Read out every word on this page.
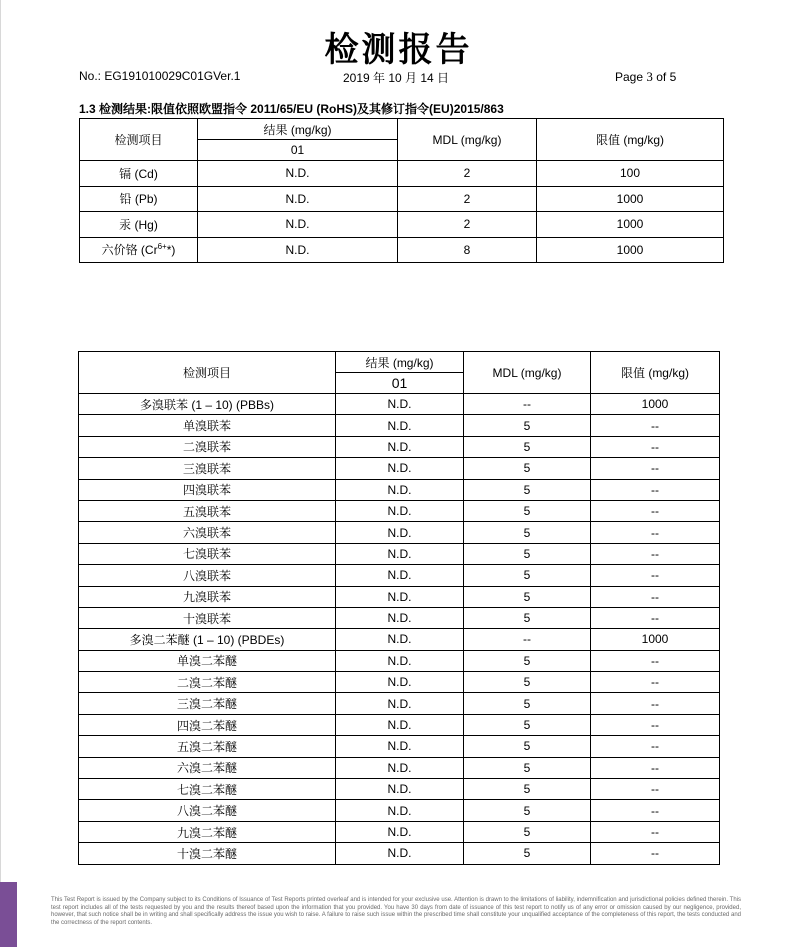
检测报告
No.: EG191010029C01GVer.1	2019 年 10 月 14 日	Page 3 of 5
1.3 检测结果:限值依照欧盟指令 2011/65/EU (RoHS)及其修订指令(EU)2015/863
检测项目	结果 (mg/kg)	MDL (mg/kg)	限值 (mg/kg)
	01		
镉 (Cd)	N.D.	2	100
铅 (Pb)	N.D.	2	1000
汞 (Hg)	N.D.	2	1000
六价铬 $(Cr^{6+}*)$	N.D.	8	1000
检测项目	结果 (mg/kg)	MDL (mg/kg)	限值 (mg/kg)
	01		
多溴联苯 (1 – 10) (PBBs)	N.D.	--	1000
单溴联苯	N.D.	5	--
二溴联苯	N.D.	5	--
三溴联苯	N.D.	5	--
四溴联苯	N.D.	5	--
五溴联苯	N.D.	5	--
六溴联苯	N.D.	5	--
七溴联苯	N.D.	5	--
八溴联苯	N.D.	5	--
九溴联苯	N.D.	5	--
十溴联苯	N.D.	5	--
多溴二苯醚 (1 – 10) (PBDEs)	N.D.	--	1000
单溴二苯醚	N.D.	5	--
二溴二苯醚	N.D.	5	--
三溴二苯醚	N.D.	5	--
四溴二苯醚	N.D.	5	--
五溴二苯醚	N.D.	5	--
六溴二苯醚	N.D.	5	--
七溴二苯醚	N.D.	5	--
八溴二苯醚	N.D.	5	--
九溴二苯醚	N.D.	5	--
十溴二苯醚	N.D.	5	--
This Test Report is issued by the Company subject to its Conditions of Issuance of Test Reports printed overleaf and is intended for your exclusive use. Attention is drawn to the limitations of liability, indemnification and jurisdictional policies defined therein. This test report includes all of the tests requested by you and the results thereof based upon the information that you provided. You have 30 days from date of issuance of this test report to notify us of any error or omission caused by our negligence, provided, however, that such notice shall be in writing and shall specifically address the issue you wish to raise. A failure to raise such issue within the prescribed time shall constitute your unqualified acceptance of the completeness of this report, the tests conducted and the correctness of the report contents.
